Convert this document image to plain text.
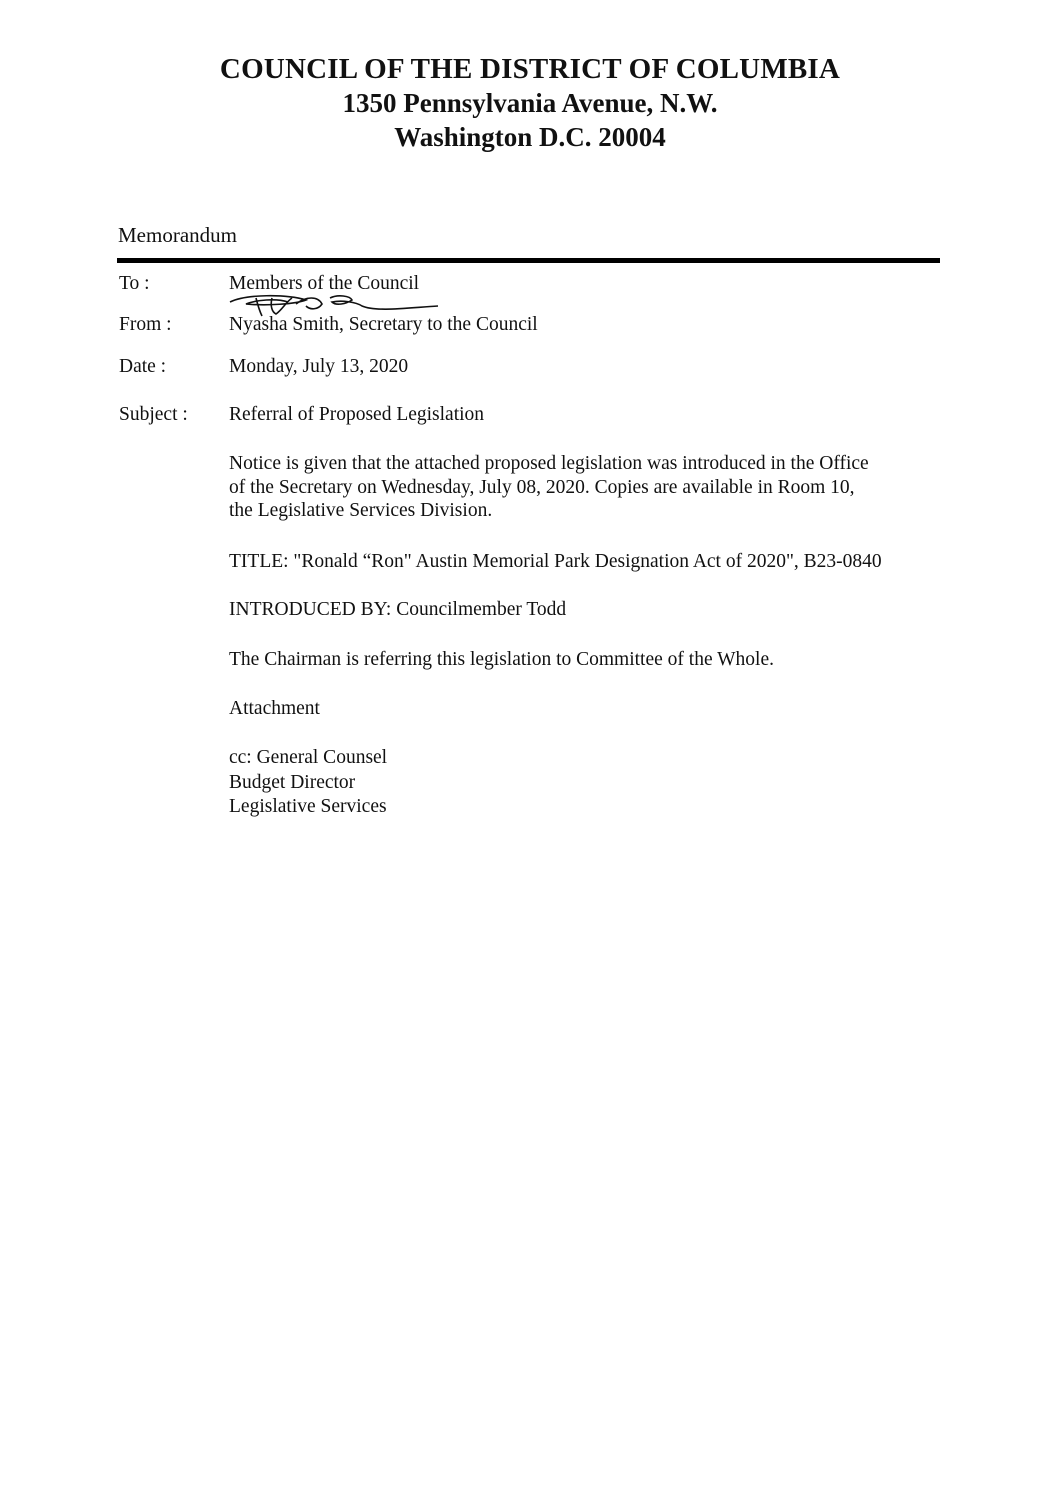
COUNCIL OF THE DISTRICT OF COLUMBIA
1350 Pennsylvania Avenue, N.W.
Washington D.C. 20004
Memorandum
To :	Members of the Council
From :	Nyasha Smith, Secretary to the Council
Date :	Monday, July 13, 2020
Subject : Referral of Proposed Legislation
Notice is given that the attached proposed legislation was introduced in the Office
of the Secretary on Wednesday, July 08, 2020. Copies are available in Room 10,
the Legislative Services Division.
TITLE: "Ronald “Ron" Austin Memorial Park Designation Act of 2020", B23-0840
INTRODUCED BY: Councilmember Todd
The Chairman is referring this legislation to Committee of the Whole.
Attachment
cc: General Counsel
Budget Director
Legislative Services
